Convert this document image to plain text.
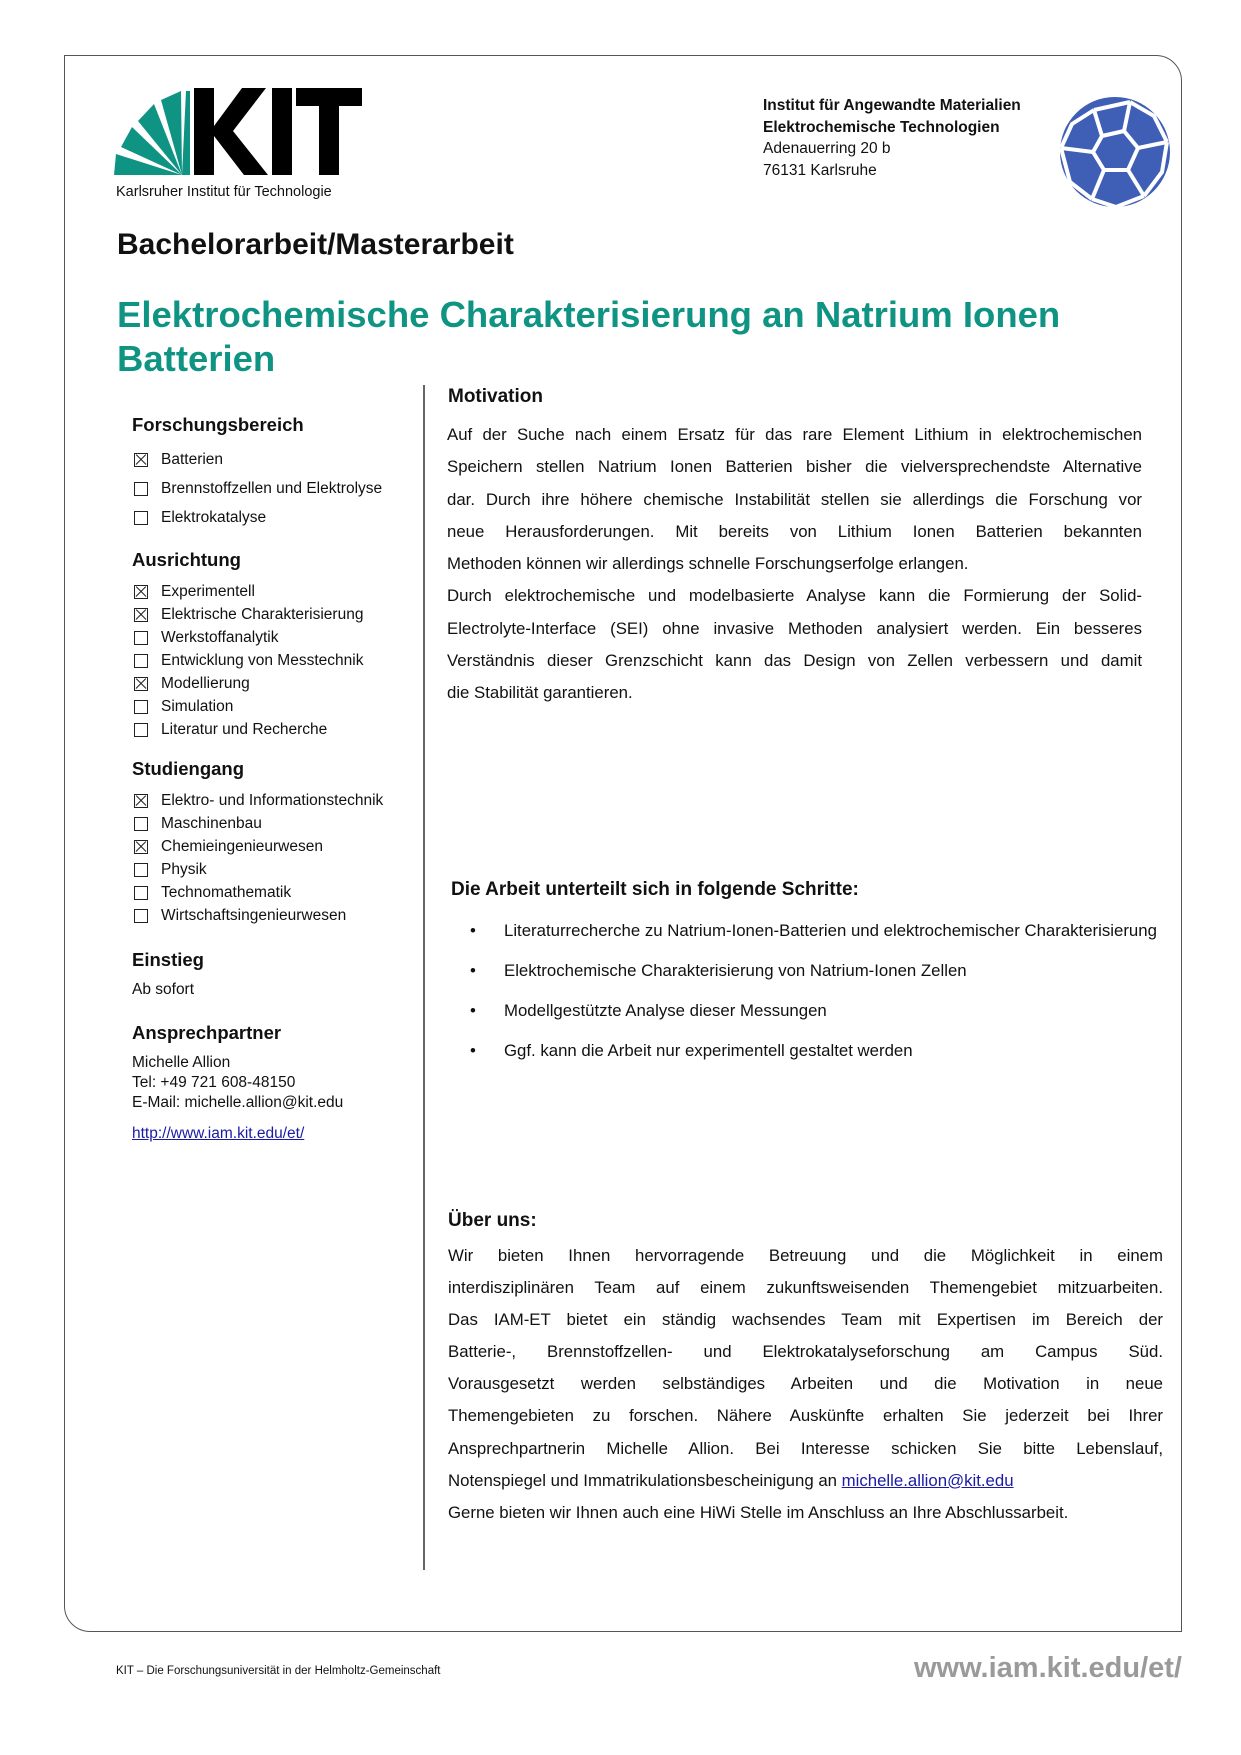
Karlsruher Institut für Technologie
Institut für Angewandte Materialien
Elektrochemische Technologien
Adenauerring 20 b
76131 Karlsruhe
Bachelorarbeit/Masterarbeit
Elektrochemische Charakterisierung an Natrium Ionen Batterien
Forschungsbereich
Batterien
Brennstoffzellen und Elektrolyse
Elektrokatalyse
Ausrichtung
Experimentell
Elektrische Charakterisierung
Werkstoffanalytik
Entwicklung von Messtechnik
Modellierung
Simulation
Literatur und Recherche
Studiengang
Elektro- und Informationstechnik
Maschinenbau
Chemieingenieurwesen
Physik
Technomathematik
Wirtschaftsingenieurwesen
Einstieg
Ab sofort
Ansprechpartner
Michelle Allion
Tel: +49 721 608-48150
E-Mail: michelle.allion@kit.edu
http://www.iam.kit.edu/et/
Motivation
Auf der Suche nach einem Ersatz für das rare Element Lithium in elektrochemischen
Speichern stellen Natrium Ionen Batterien bisher die vielversprechendste Alternative
dar. Durch ihre höhere chemische Instabilität stellen sie allerdings die Forschung vor
neue Herausforderungen. Mit bereits von Lithium Ionen Batterien bekannten
Methoden können wir allerdings schnelle Forschungserfolge erlangen.
Durch elektrochemische und modelbasierte Analyse kann die Formierung der Solid-
Electrolyte-Interface (SEI) ohne invasive Methoden analysiert werden. Ein besseres
Verständnis dieser Grenzschicht kann das Design von Zellen verbessern und damit
die Stabilität garantieren.
Die Arbeit unterteilt sich in folgende Schritte:
• Literaturrecherche zu Natrium-Ionen-Batterien und elektrochemischer Charakterisierung
• Elektrochemische Charakterisierung von Natrium-Ionen Zellen
• Modellgestützte Analyse dieser Messungen
• Ggf. kann die Arbeit nur experimentell gestaltet werden
Über uns:
Wir bieten Ihnen hervorragende Betreuung und die Möglichkeit in einem
interdisziplinären Team auf einem zukunftsweisenden Themengebiet mitzuarbeiten.
Das IAM-ET bietet ein ständig wachsendes Team mit Expertisen im Bereich der
Batterie-, Brennstoffzellen- und Elektrokatalyseforschung am Campus Süd.
Vorausgesetzt werden selbständiges Arbeiten und die Motivation in neue
Themengebieten zu forschen. Nähere Auskünfte erhalten Sie jederzeit bei Ihrer
Ansprechpartnerin Michelle Allion. Bei Interesse schicken Sie bitte Lebenslauf,
Notenspiegel und Immatrikulationsbescheinigung an michelle.allion@kit.edu
Gerne bieten wir Ihnen auch eine HiWi Stelle im Anschluss an Ihre Abschlussarbeit.
KIT – Die Forschungsuniversität in der Helmholtz-Gemeinschaft	www.iam.kit.edu/et/
